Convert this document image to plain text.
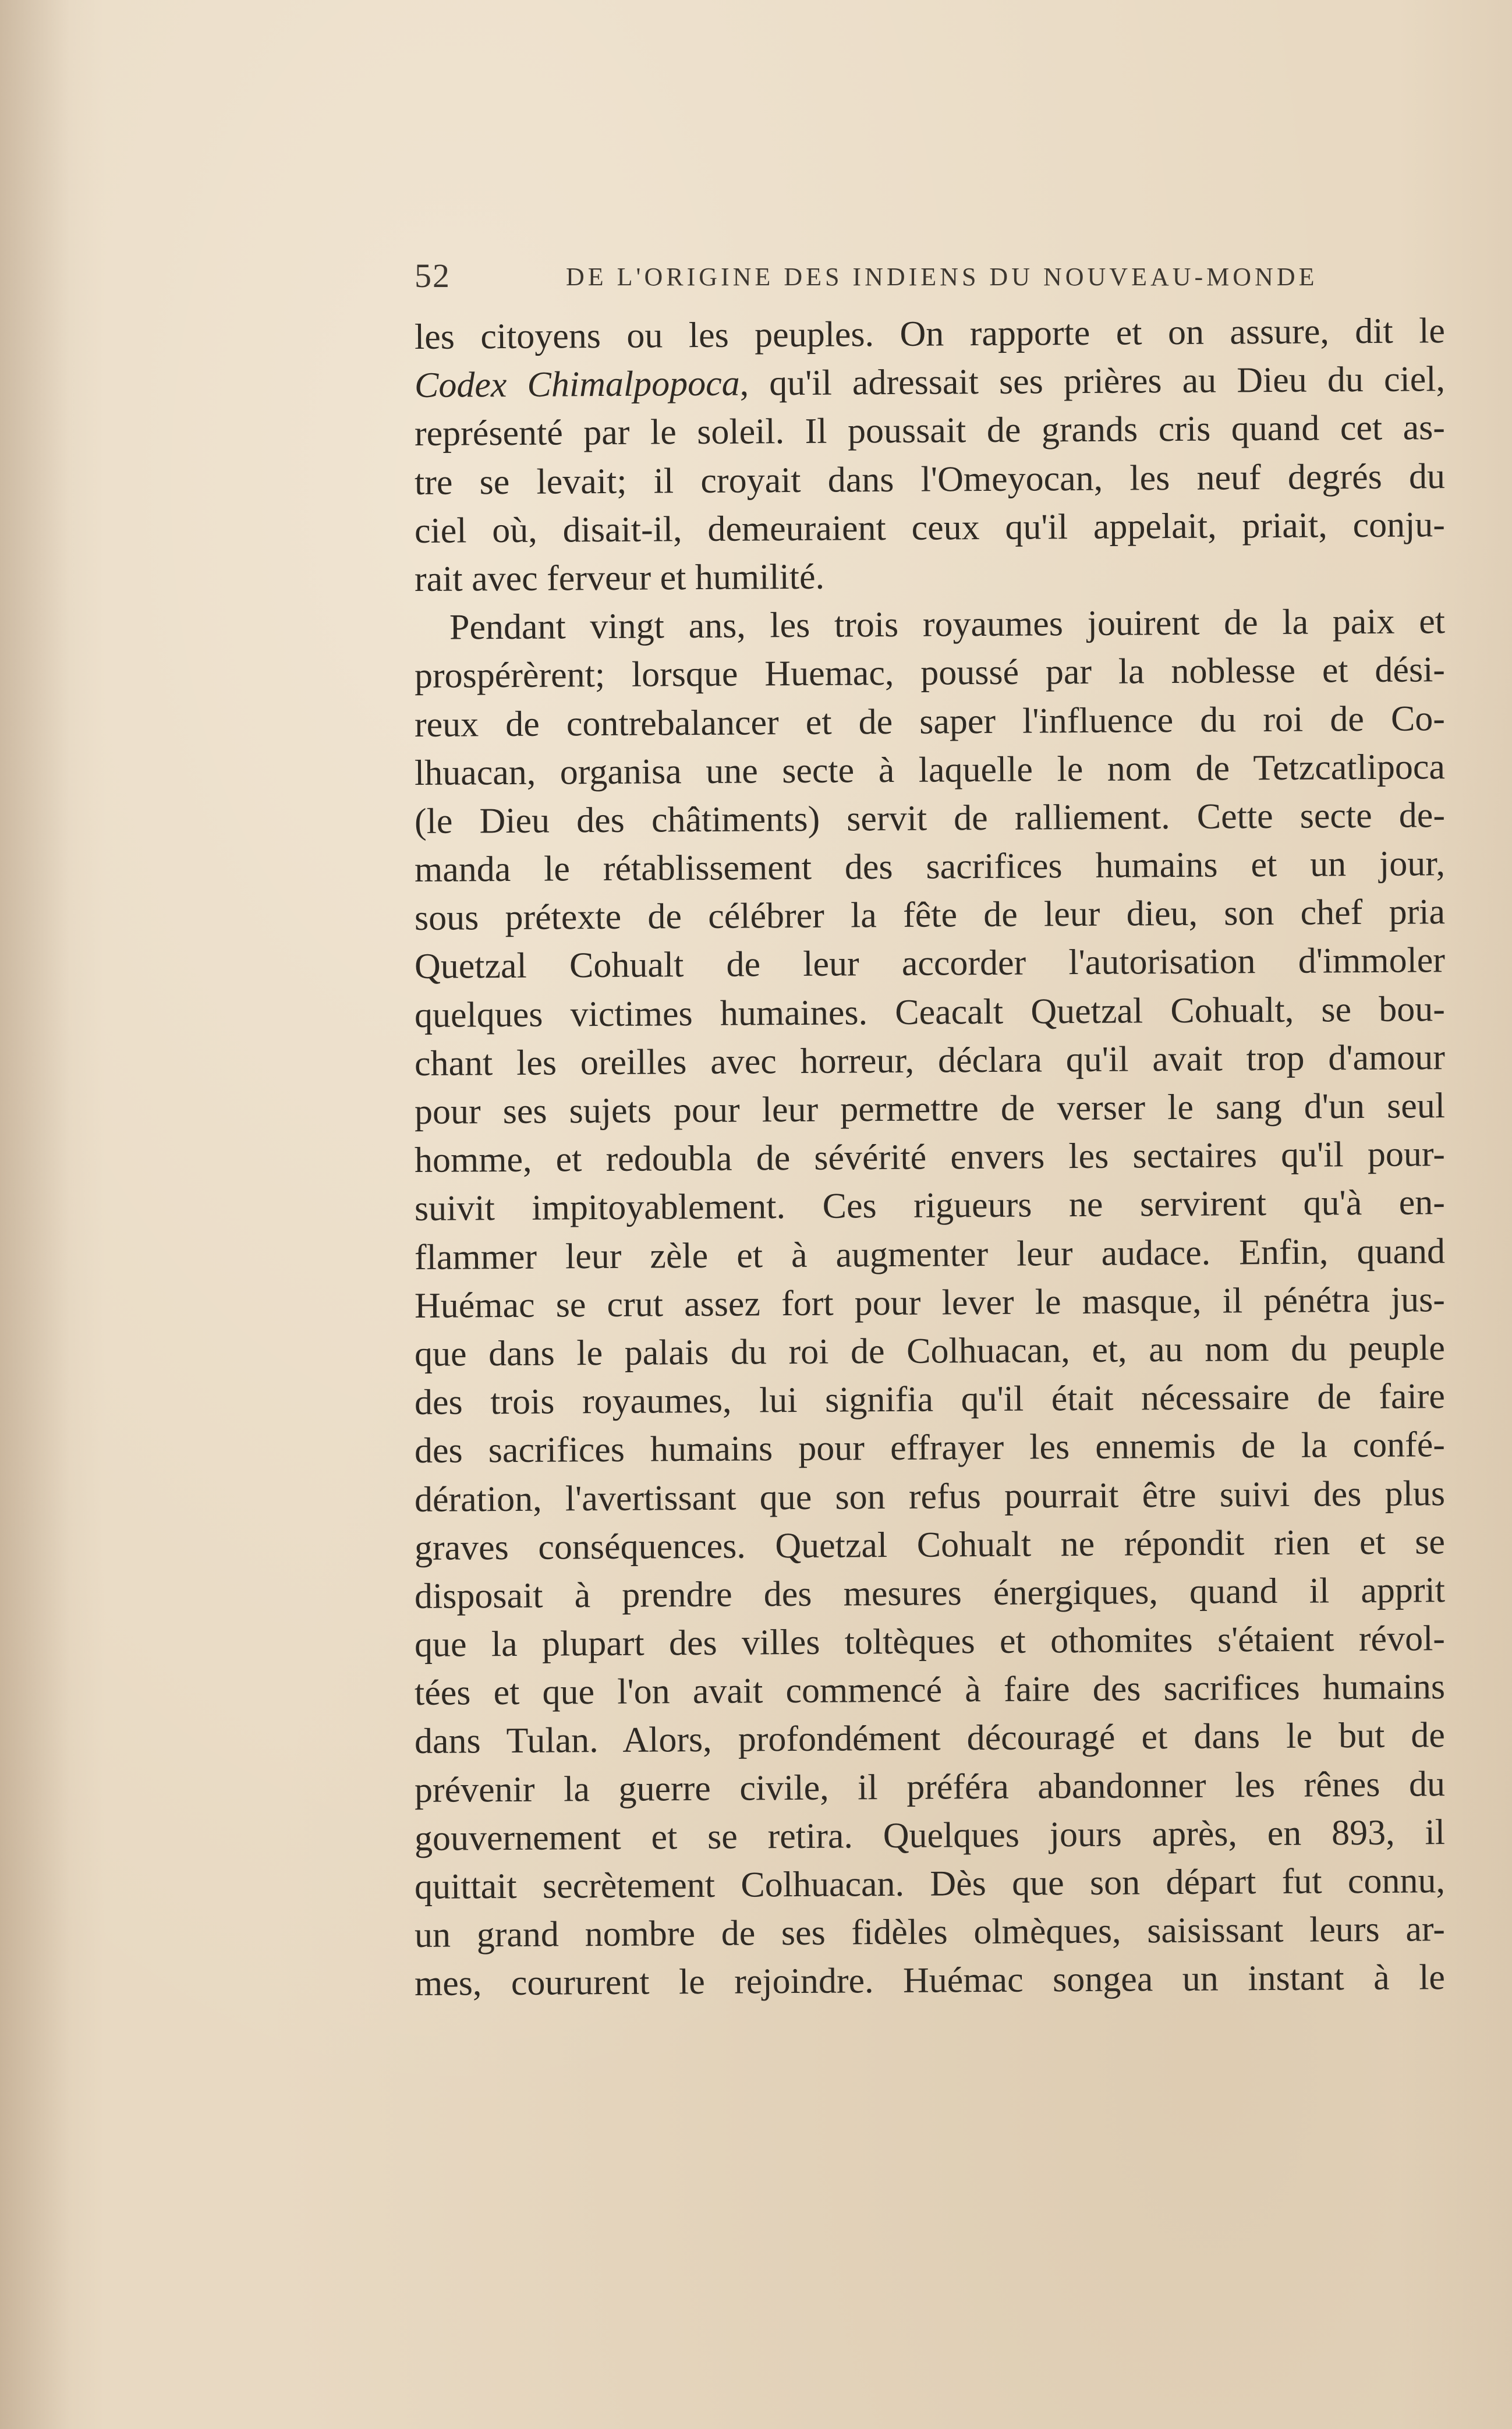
52	DE L'ORIGINE DES INDIENS DU NOUVEAU-MONDE
les citoyens ou les peuples. On rapporte et on assure, dit le
Codex Chimalpopoca, qu'il adressait ses prières au Dieu du ciel,
représenté par le soleil. Il poussait de grands cris quand cet as-
tre se levait; il croyait dans l'Omeyocan, les neuf degrés du
ciel où, disait-il, demeuraient ceux qu'il appelait, priait, conju-
rait avec ferveur et humilité.
Pendant vingt ans, les trois royaumes jouirent de la paix et
prospérèrent; lorsque Huemac, poussé par la noblesse et dési-
reux de contrebalancer et de saper l'influence du roi de Co-
lhuacan, organisa une secte à laquelle le nom de Tetzcatlipoca
(le Dieu des châtiments) servit de ralliement. Cette secte de-
manda le rétablissement des sacrifices humains et un jour,
sous prétexte de célébrer la fête de leur dieu, son chef pria
Quetzal Cohualt de leur accorder l'autorisation d'immoler
quelques victimes humaines. Ceacalt Quetzal Cohualt, se bou-
chant les oreilles avec horreur, déclara qu'il avait trop d'amour
pour ses sujets pour leur permettre de verser le sang d'un seul
homme, et redoubla de sévérité envers les sectaires qu'il pour-
suivit impitoyablement. Ces rigueurs ne servirent qu'à en-
flammer leur zèle et à augmenter leur audace. Enfin, quand
Huémac se crut assez fort pour lever le masque, il pénétra jus-
que dans le palais du roi de Colhuacan, et, au nom du peuple
des trois royaumes, lui signifia qu'il était nécessaire de faire
des sacrifices humains pour effrayer les ennemis de la confé-
dération, l'avertissant que son refus pourrait être suivi des plus
graves conséquences. Quetzal Cohualt ne répondit rien et se
disposait à prendre des mesures énergiques, quand il apprit
que la plupart des villes toltèques et othomites s'étaient révol-
tées et que l'on avait commencé à faire des sacrifices humains
dans Tulan. Alors, profondément découragé et dans le but de
prévenir la guerre civile, il préféra abandonner les rênes du
gouvernement et se retira. Quelques jours après, en 893, il
quittait secrètement Colhuacan. Dès que son départ fut connu,
un grand nombre de ses fidèles olmèques, saisissant leurs ar-
mes, coururent le rejoindre. Huémac songea un instant à le
